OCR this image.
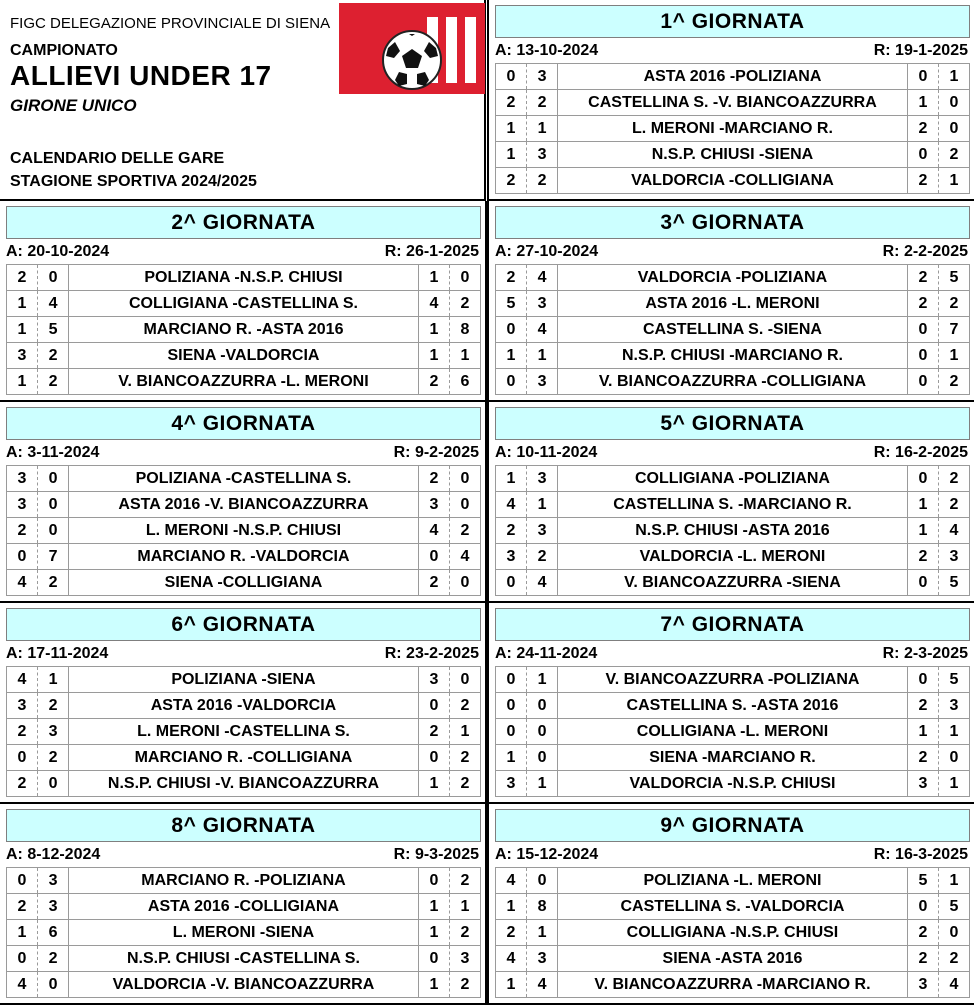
FIGC DELEGAZIONE PROVINCIALE DI SIENA
CAMPIONATO
ALLIEVI UNDER 17
GIRONE UNICO
CALENDARIO DELLE GARE
STAGIONE SPORTIVA 2024/2025
1^ GIORNATA
A: 13-10-2024	R: 19-1-2025
0	3	ASTA 2016 -POLIZIANA	0	1
2	2	CASTELLINA S. -V. BIANCOAZZURRA	1	0
1	1	L. MERONI -MARCIANO R.	2	0
1	3	N.S.P. CHIUSI -SIENA	0	2
2	2	VALDORCIA -COLLIGIANA	2	1
2^ GIORNATA
A: 20-10-2024	R: 26-1-2025
2	0	POLIZIANA -N.S.P. CHIUSI	1	0
1	4	COLLIGIANA -CASTELLINA S.	4	2
1	5	MARCIANO R. -ASTA 2016	1	8
3	2	SIENA -VALDORCIA	1	1
1	2	V. BIANCOAZZURRA -L. MERONI	2	6
3^ GIORNATA
A: 27-10-2024	R: 2-2-2025
2	4	VALDORCIA -POLIZIANA	2	5
5	3	ASTA 2016 -L. MERONI	2	2
0	4	CASTELLINA S. -SIENA	0	7
1	1	N.S.P. CHIUSI -MARCIANO R.	0	1
0	3	V. BIANCOAZZURRA -COLLIGIANA	0	2
4^ GIORNATA
A: 3-11-2024	R: 9-2-2025
3	0	POLIZIANA -CASTELLINA S.	2	0
3	0	ASTA 2016 -V. BIANCOAZZURRA	3	0
2	0	L. MERONI -N.S.P. CHIUSI	4	2
0	7	MARCIANO R. -VALDORCIA	0	4
4	2	SIENA -COLLIGIANA	2	0
5^ GIORNATA
A: 10-11-2024	R: 16-2-2025
1	3	COLLIGIANA -POLIZIANA	0	2
4	1	CASTELLINA S. -MARCIANO R.	1	2
2	3	N.S.P. CHIUSI -ASTA 2016	1	4
3	2	VALDORCIA -L. MERONI	2	3
0	4	V. BIANCOAZZURRA -SIENA	0	5
6^ GIORNATA
A: 17-11-2024	R: 23-2-2025
4	1	POLIZIANA -SIENA	3	0
3	2	ASTA 2016 -VALDORCIA	0	2
2	3	L. MERONI -CASTELLINA S.	2	1
0	2	MARCIANO R. -COLLIGIANA	0	2
2	0	N.S.P. CHIUSI -V. BIANCOAZZURRA	1	2
7^ GIORNATA
A: 24-11-2024	R: 2-3-2025
0	1	V. BIANCOAZZURRA -POLIZIANA	0	5
0	0	CASTELLINA S. -ASTA 2016	2	3
0	0	COLLIGIANA -L. MERONI	1	1
1	0	SIENA -MARCIANO R.	2	0
3	1	VALDORCIA -N.S.P. CHIUSI	3	1
8^ GIORNATA
A: 8-12-2024	R: 9-3-2025
0	3	MARCIANO R. -POLIZIANA	0	2
2	3	ASTA 2016 -COLLIGIANA	1	1
1	6	L. MERONI -SIENA	1	2
0	2	N.S.P. CHIUSI -CASTELLINA S.	0	3
4	0	VALDORCIA -V. BIANCOAZZURRA	1	2
9^ GIORNATA
A: 15-12-2024	R: 16-3-2025
4	0	POLIZIANA -L. MERONI	5	1
1	8	CASTELLINA S. -VALDORCIA	0	5
2	1	COLLIGIANA -N.S.P. CHIUSI	2	0
4	3	SIENA -ASTA 2016	2	2
1	4	V. BIANCOAZZURRA -MARCIANO R.	3	4
